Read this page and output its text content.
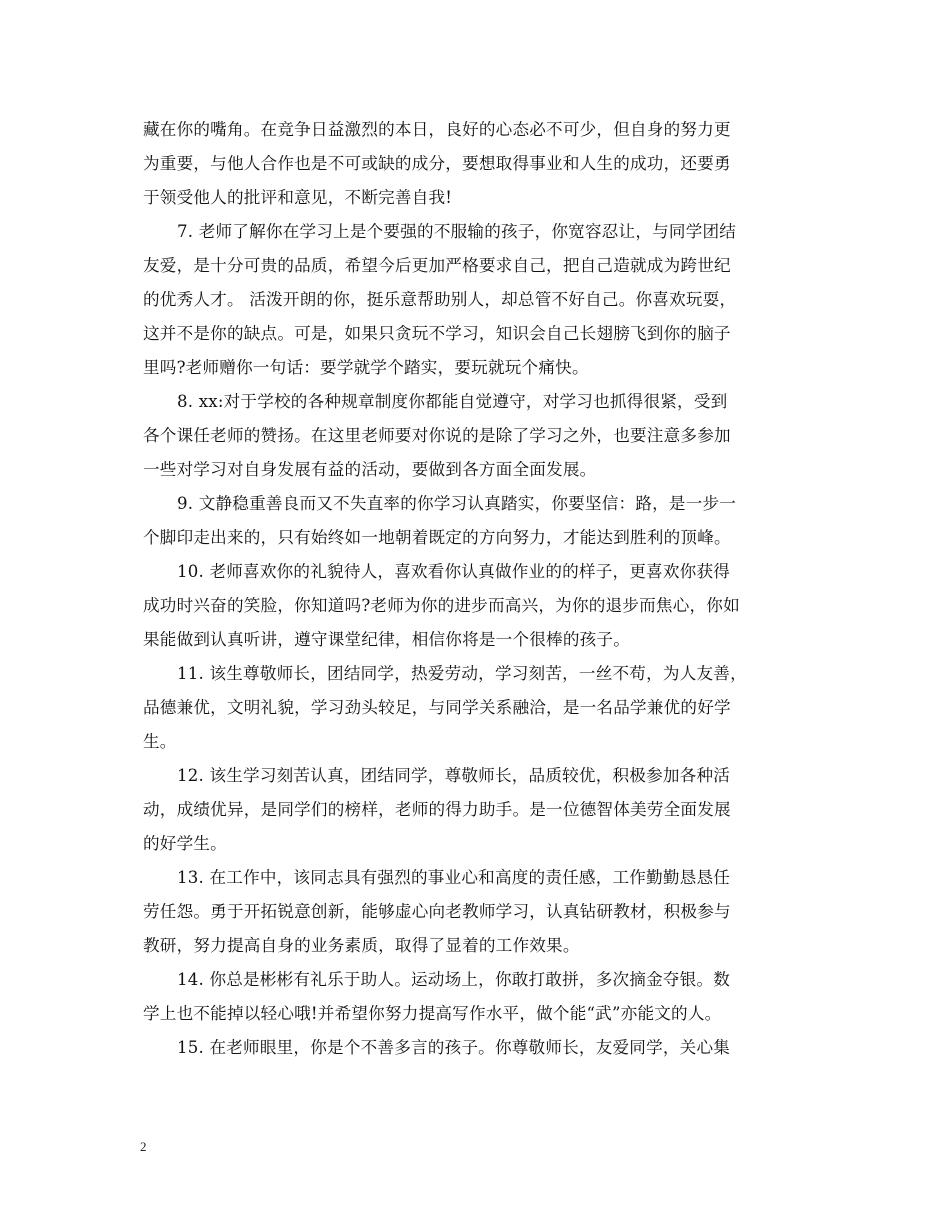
藏在你的嘴角。在竞争日益激烈的本日，良好的心态必不可少，但自身的努力更
为重要，与他人合作也是不可或缺的成分，要想取得事业和人生的成功，还要勇
于领受他人的批评和意见，不断完善自我!
7. 老师了解你在学习上是个要强的不服输的孩子，你宽容忍让，与同学团结
友爱，是十分可贵的品质，希望今后更加严格要求自己，把自己造就成为跨世纪
的优秀人才。 活泼开朗的你，挺乐意帮助别人，却总管不好自己。你喜欢玩耍，
这并不是你的缺点。可是，如果只贪玩不学习，知识会自己长翅膀飞到你的脑子
里吗?老师赠你一句话：要学就学个踏实，要玩就玩个痛快。
8. xx:对于学校的各种规章制度你都能自觉遵守，对学习也抓得很紧，受到
各个课任老师的赞扬。在这里老师要对你说的是除了学习之外，也要注意多参加
一些对学习对自身发展有益的活动，要做到各方面全面发展。
9. 文静稳重善良而又不失直率的你学习认真踏实，你要坚信：路，是一步一
个脚印走出来的，只有始终如一地朝着既定的方向努力，才能达到胜利的顶峰。
10. 老师喜欢你的礼貌待人，喜欢看你认真做作业的的样子，更喜欢你获得
成功时兴奋的笑脸，你知道吗?老师为你的进步而高兴，为你的退步而焦心，你如
果能做到认真听讲，遵守课堂纪律，相信你将是一个很棒的孩子。
11. 该生尊敬师长，团结同学，热爱劳动，学习刻苦，一丝不苟，为人友善，
品德兼优，文明礼貌，学习劲头较足，与同学关系融洽，是一名品学兼优的好学
生。
12. 该生学习刻苦认真，团结同学，尊敬师长，品质较优，积极参加各种活
动，成绩优异，是同学们的榜样，老师的得力助手。是一位德智体美劳全面发展
的好学生。
13. 在工作中，该同志具有强烈的事业心和高度的责任感，工作勤勤恳恳任
劳任怨。勇于开拓锐意创新，能够虚心向老教师学习，认真钻研教材，积极参与
教研，努力提高自身的业务素质，取得了显着的工作效果。
14. 你总是彬彬有礼乐于助人。运动场上，你敢打敢拼，多次摘金夺银。数
学上也不能掉以轻心哦!并希望你努力提高写作水平，做个能“武”亦能文的人。
15. 在老师眼里，你是个不善多言的孩子。你尊敬师长，友爱同学，关心集
2
